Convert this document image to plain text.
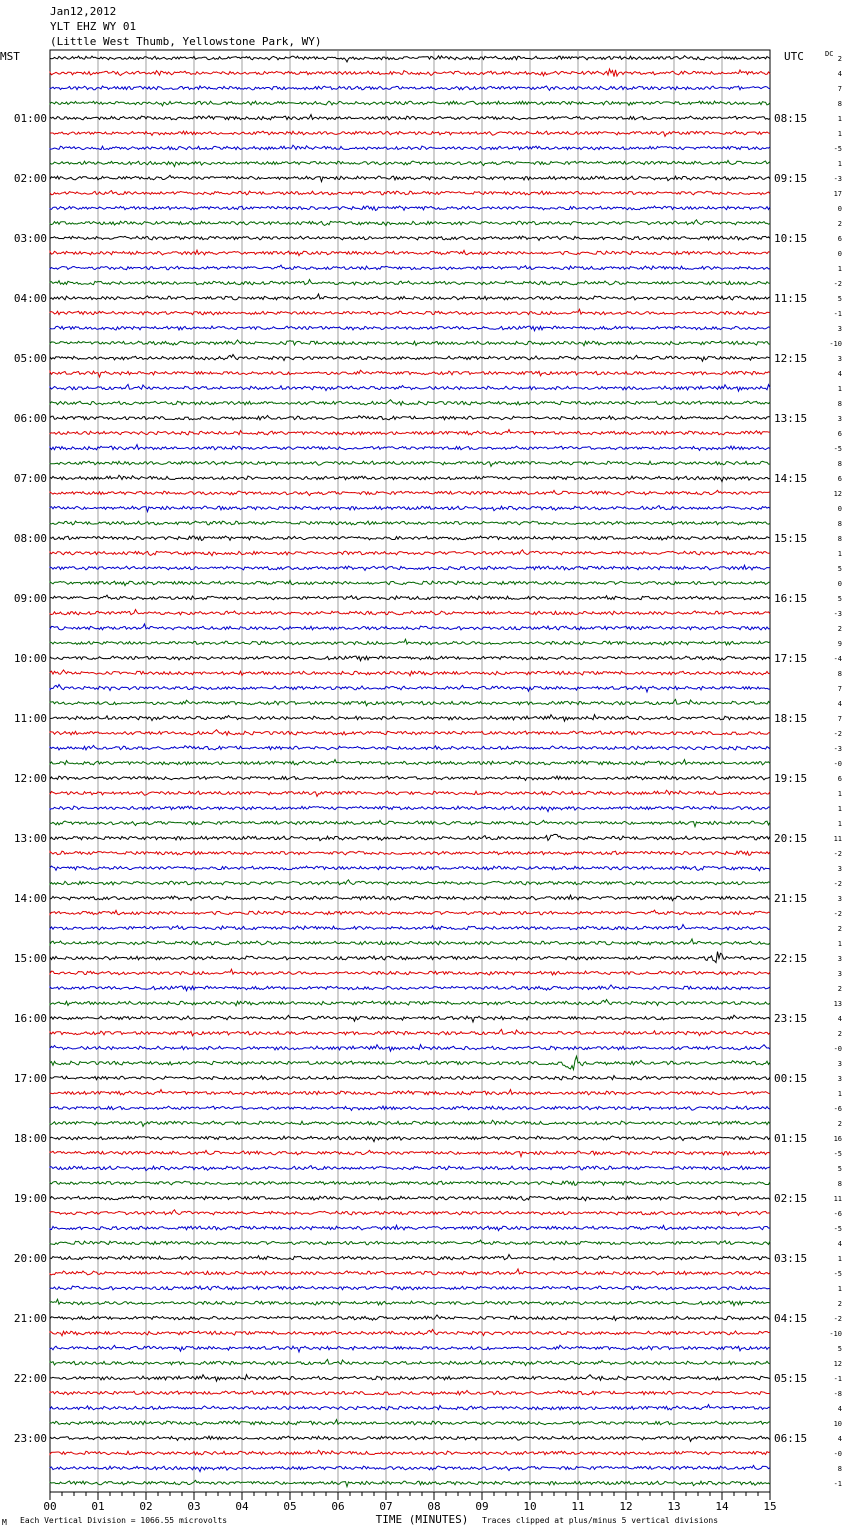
Jan12,2012
YLT EHZ WY 01
(Little West Thumb, Yellowstone Park, WY)
2
4
7
8
1
1
-5
1
-3
17
0
2
6
0
1
-2
5
-1
3
-10
3
4
1
8
3
6
-5
8
6
12
0
8
8
1
5
0
5
-3
2
9
-4
8
7
4
7
-2
-3
-0
6
1
1
1
11
-2
3
-2
3
-2
2
1
3
3
2
13
4
2
-0
3
3
1
-6
2
16
-5
5
8
11
-6
-5
4
1
-5
1
2
-2
-10
5
12
-1
-8
4
10
4
-0
8
-1
MST	UTC	DC
01:00
02:00
03:00
04:00
05:00
06:00
07:00
08:00
09:00
10:00
11:00
12:00
13:00
14:00
15:00
16:00
17:00
18:00
19:00
20:00
21:00
22:00
23:00
08:15
09:15
10:15
11:15
12:15
13:15
14:15
15:15
16:15
17:15
18:15
19:15
20:15
21:15
22:15
23:15
00:15
01:15
02:15
03:15
04:15
05:15
06:15
00	01	02	03	04	05	06	07	08	09	10	11	12	13	14	15
TIME (MINUTES)
M Each Vertical Division = 1066.55 microvolts	Traces clipped at plus/minus 5 vertical divisions
